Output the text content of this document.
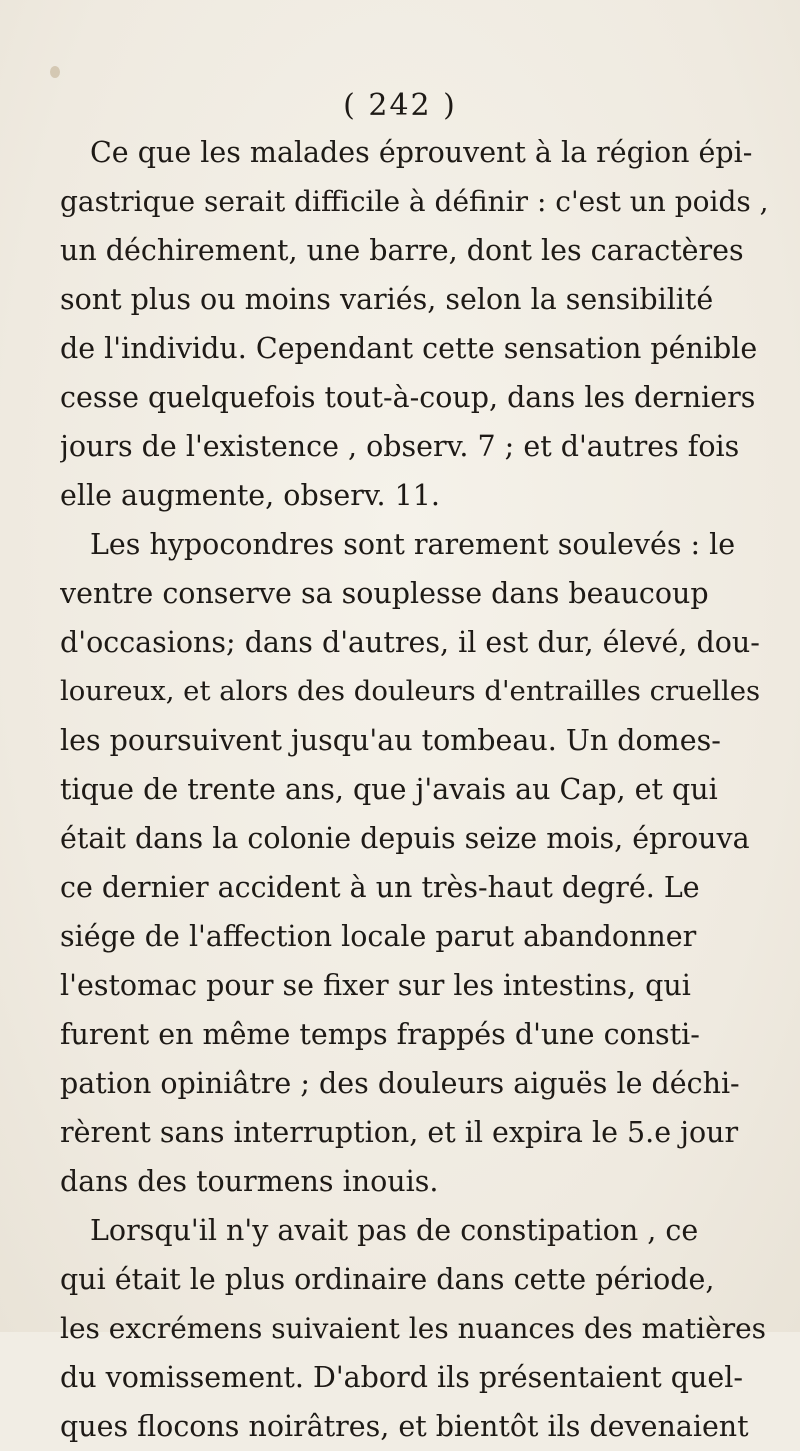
( 242 )
Ce que les malades éprouvent à la région épi-
gastrique serait difficile à définir : c'est un poids ,
un déchirement, une barre, dont les caractères
sont plus ou moins variés, selon la sensibilité
de l'individu. Cependant cette sensation pénible
cesse quelquefois tout-à-coup, dans les derniers
jours de l'existence , observ. 7 ; et d'autres fois
elle augmente, observ. 11.
Les hypocondres sont rarement soulevés : le
ventre conserve sa souplesse dans beaucoup
d'occasions; dans d'autres, il est dur, élevé, dou-
loureux, et alors des douleurs d'entrailles cruelles
les poursuivent jusqu'au tombeau. Un domes-
tique de trente ans, que j'avais au Cap, et qui
était dans la colonie depuis seize mois, éprouva
ce dernier accident à un très-haut degré. Le
siége de l'affection locale parut abandonner
l'estomac pour se fixer sur les intestins, qui
furent en même temps frappés d'une consti-
pation opiniâtre ; des douleurs aiguës le déchi-
rèrent sans interruption, et il expira le 5.e jour
dans des tourmens inouis.
Lorsqu'il n'y avait pas de constipation , ce
qui était le plus ordinaire dans cette période,
les excrémens suivaient les nuances des matières
du vomissement. D'abord ils présentaient quel-
ques flocons noirâtres, et bientôt ils devenaient
